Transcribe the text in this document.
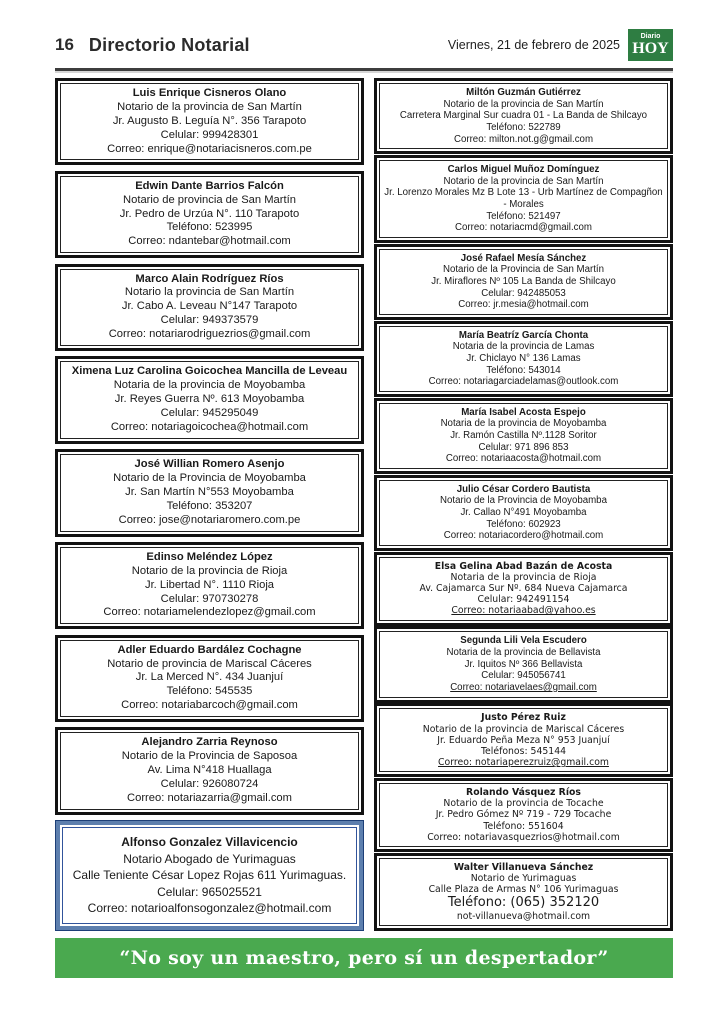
16 Directorio Notarial	Viernes, 21 de febrero de 2025
Diario
HOY
Luis Enrique Cisneros Olano
Notario de la provincia de San Martín
Jr. Augusto B. Leguía N°. 356 Tarapoto
Celular: 999428301
Correo: enrique@notariacisneros.com.pe
Edwin Dante Barrios Falcón
Notario de provincia de San Martín
Jr. Pedro de Urzúa N°. 110 Tarapoto
Teléfono: 523995
Correo: ndantebar@hotmail.com
Marco Alain Rodríguez Ríos
Notario la provincia de San Martín
Jr. Cabo A. Leveau N°147 Tarapoto
Celular: 949373579
Correo: notariarodriguezrios@gmail.com
Ximena Luz Carolina Goicochea Mancilla de Leveau
Notaria de la provincia de Moyobamba
Jr. Reyes Guerra Nº. 613 Moyobamba
Celular: 945295049
Correo: notariagoicochea@hotmail.com
José Willian Romero Asenjo
Notario de la Provincia de Moyobamba
Jr. San Martín N°553 Moyobamba
Teléfono: 353207
Correo: jose@notariaromero.com.pe
Edinso Meléndez López
Notario de la provincia de Rioja
Jr. Libertad N°. 1110 Rioja
Celular: 970730278
Correo: notariamelendezlopez@gmail.com
Adler Eduardo Bardález Cochagne
Notario de provincia de Mariscal Cáceres
Jr. La Merced N°. 434 Juanjuí
Teléfono: 545535
Correo: notariabarcoch@gmail.com
Alejandro Zarria Reynoso
Notario de la Provincia de Saposoa
Av. Lima N°418 Huallaga
Celular: 926080724
Correo: notariazarria@gmail.com
Alfonso Gonzalez Villavicencio
Notario Abogado de Yurimaguas
Calle Teniente César Lopez Rojas 611 Yurimaguas.
Celular: 965025521
Correo: notarioalfonsogonzalez@hotmail.com
Miltón Guzmán Gutiérrez
Notario de la provincia de San Martín
Carretera Marginal Sur cuadra 01 - La Banda de Shilcayo
Teléfono: 522789
Correo: milton.not.g@gmail.com
Carlos Miguel Muñoz Domínguez
Notario de la provincia de San Martín
Jr. Lorenzo Morales Mz B Lote 13 - Urb Martínez de Compagñon - Morales
Teléfono: 521497
Correo: notariacmd@gmail.com
José Rafael Mesía Sánchez
Notario de la Provincia de San Martín
Jr. Miraflores Nº 105 La Banda de Shilcayo
Celular: 942485053
Correo: jr.mesia@hotmail.com
María Beatríz García Chonta
Notaria de la provincia de Lamas
Jr. Chiclayo N° 136 Lamas
Teléfono: 543014
Correo: notariagarciadelamas@outlook.com
María Isabel Acosta Espejo
Notaria de la provincia de Moyobamba
Jr. Ramón Castilla Nº.1128 Soritor
Celular: 971 896 853
Correo: notariaacosta@hotmail.com
Julio César Cordero Bautista
Notario de la Provincia de Moyobamba
Jr. Callao N°491 Moyobamba
Teléfono: 602923
Correo: notariacordero@hotmail.com
Elsa Gelina Abad Bazán de Acosta
Notaria de la provincia de Rioja
Av. Cajamarca Sur Nº. 684 Nueva Cajamarca
Celular: 942491154
Correo: notariaabad@yahoo.es
Segunda Lili Vela Escudero
Notaria de la provincia de Bellavista
Jr. Iquitos Nº 366 Bellavista
Celular: 945056741
Correo: notariavelaes@gmail.com
Justo Pérez Ruiz
Notario de la provincia de Mariscal Cáceres
Jr. Eduardo Peña Meza N° 953 Juanjuí
Teléfonos: 545144
Correo: notariaperezruiz@gmail.com
Rolando Vásquez Ríos
Notario de la provincia de Tocache
Jr. Pedro Gómez Nº 719 - 729 Tocache
Teléfono: 551604
Correo: notariavasquezrios@hotmail.com
Walter Villanueva Sánchez
Notario de Yurimaguas
Calle Plaza de Armas N° 106 Yurimaguas
Teléfono: (065) 352120
not-villanueva@hotmail.com
“No soy un maestro, pero sí un despertador”
